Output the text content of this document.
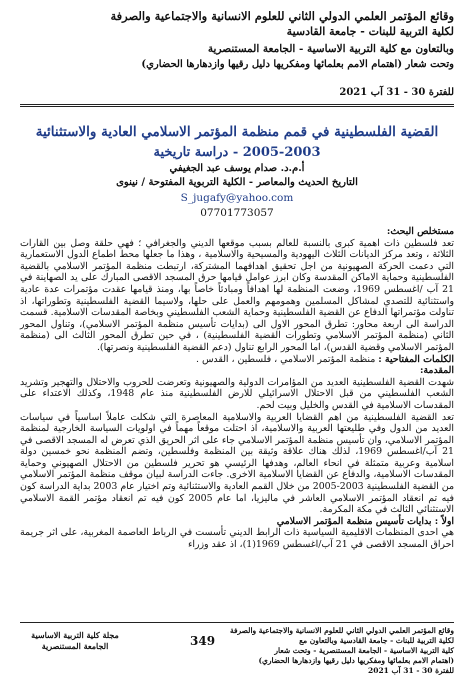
وقائع المؤتمر العلمي الدولي الثاني للعلوم الانسانية والاجتماعية والصرفة
لكلية التربية للبنات - جامعة القادسية
وبالتعاون مع كلية التربية الاساسية - الجامعة المستنصرية
وتحت شعار (اهتمام الامم بعلمائها ومفكريها دليل رقيها وازدهارها الحضاري)
للفترة 30 - 31 آب 2021
القضية الفلسطينية في قمم منظمة المؤتمر الاسلامي العادية والاستثنائية
2005-2003 - دراسة تاريخية
أ.م.د. صدام يوسف عبد الجغيفي
التاريخ الحديث والمعاصر - الكلية التربوية المفتوحة / نينوى
S_jugafy@yahoo.com
07701773057
مستخلص البحث:

تعد فلسطين ذات اهمية كبرى بالنسبة للعالم بسبب موقعها الديني والجغرافي ؛ فهي حلقة وصل بين القارات الثلاثة ، وتعد مركز الديانات الثلاث اليهودية والمسيحية والاسلامية ، وهذا ما جعلها محط اطماع الدول الاستعمارية التي دعمت الحركة الصهيونية من اجل تحقيق اهدافهما المشتركة، ارتبطت منظمة المؤتمر الاسلامي بالقضية الفلسطينية وحماية الاماكن المقدسة وكان ابرز عوامل قيامها حرق المسجد الاقصى المبارك على يد الصهاينة في 21 آب /اغسطس 1969، وضعت المنظمة لها اهدافاً ومبادئاً خاصاً بها، ومنذ قيامها عقدت مؤتمرات عدة عادية واستثنائية للتصدي لمشاكل المسلمين وهمومهم والعمل على حلها، ولاسيما القضية الفلسطينية وتطوراتها، اذ تناولت مؤتمراتها الدفاع عن القضية الفلسطينية وحماية الشعب الفلسطيني وبخاصة المقدسات الاسلامية. قسمت الدراسة الى اربعة محاور: تطرق المحور الاول الى (بدايات تأسيس منظمة المؤتمر الاسلامي)، وتناول المحور الثاني (منظمة المؤتمر الاسلامي وتطورات القضية الفلسطينية) ، في حين تطرق المحور الثالث الى (منظمة المؤتمر الاسلامي وقضية القدس)، اما المحور الرابع تناول (دعم القضية الفلسطينية ونصرتها).

الكلمات المفتاحية : منظمة المؤتمر الاسلامي ، فلسطين ، القدس .

المقدمة:

شهدت القضية الفلسطينية العديد من المؤامرات الدولية والصهيونية وتعرضت للحروب والاحتلال والتهجير وتشريد الشعب الفلسطيني من قبل الاحتلال الاسرائيلي للارض الفلسطينية منذ عام 1948، وكذلك الاعتداء على المقدسات الاسلامية في القدس والخليل وبيت لحم.

تعد القضية الفلسطينية من اهم القضايا العربية والاسلامية المعاصرة التي شكلت عاملاً اساسياً في سياسات العديد من الدول وفي طليعتها العربية والاسلامية، اذ احتلت موقعاً مهماً في اولويات السياسة الخارجية لمنظمة المؤتمر الاسلامي، وان تأسيس منظمة المؤتمر الاسلامي جاء على اثر الحريق الذي تعرض له المسجد الاقصى في 21 آب/اغسطس 1969، لذلك هناك علاقة وثيقة بين المنظمة وفلسطين، وتضم المنظمة نحو خمسين دولة اسلامية وعربية متمثلة في انحاء العالم، وهدفها الرئيسي هو تحرير فلسطين من الاحتلال الصهيوني وحماية المقدسات الاسلامية، والدفاع عن القضايا الاسلامية الاخرى. جاءت الدراسة لبيان موقف منظمة المؤتمر الاسلامي من القضية الفلسطينية 2003-2005 من خلال القمم العادية والاستثنائية وتم اختيار عام 2003 بداية الدراسة كون فيه تم انعقاد المؤتمر الاسلامي العاشر في ماليزيا، اما عام 2005 كون فيه تم انعقاد مؤتمر القمة الاسلامي الاستثنائي الثالث في مكة المكرمة.

اولاً : بدايات تأسيس منظمة المؤتمر الاسلامي

هي احدى المنظمات الاقليمية السياسية ذات الرابط الديني تأسست في الرباط العاصمة المغربية، على اثر جريمة احراق المسجد الاقصى في 21 آب/اغسطس 1969(1)، اذ عقد وزراء

وقائع المؤتمر العلمي الدولي الثاني للعلوم الانسانية والاجتماعية والصرفة لكلية التربية للبنات - جامعة القادسية وبالتعاون مع
كلية التربية الاساسية - الجامعة المستنصرية - وتحت شعار
(اهتمام الامم بعلمائها ومفكريها دليل رقيها وازدهارها الحضاري)
للفترة 30 - 31 آب 2021
349
مجلة كلية التربية الاساسية
الجامعة المستنصرية
